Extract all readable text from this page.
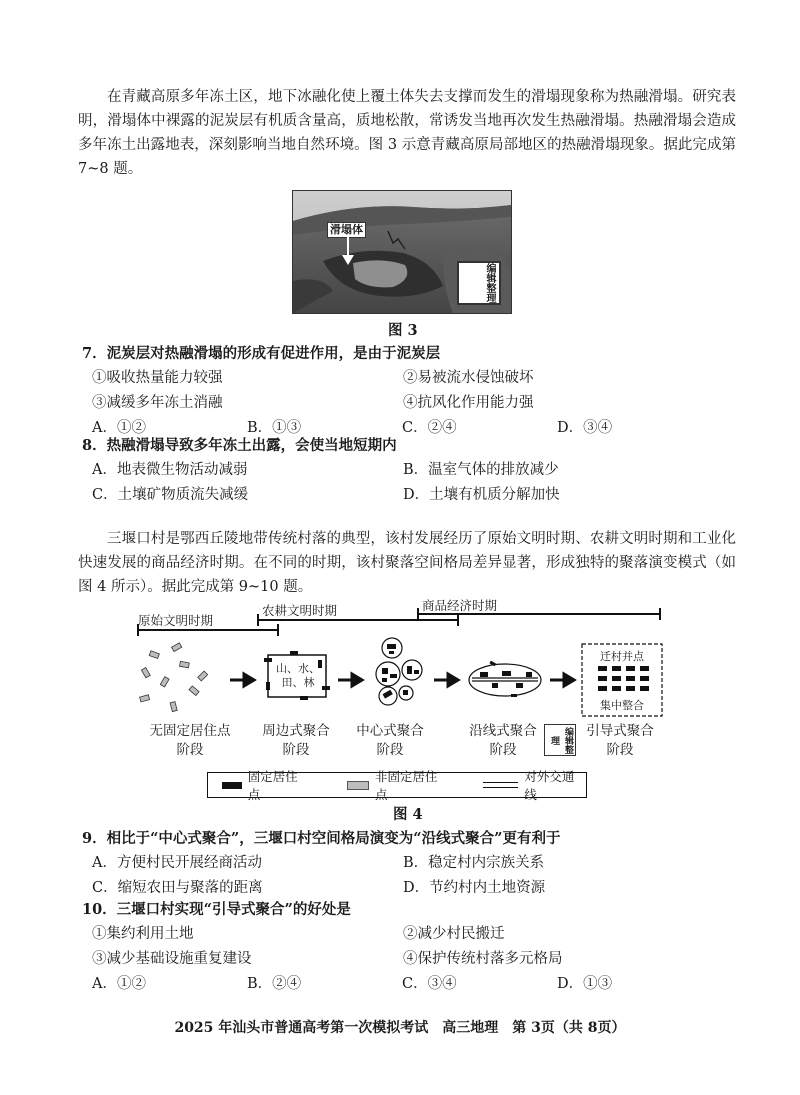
在青藏高原多年冻土区，地下冰融化使上覆土体失去支撑而发生的滑塌现象称为热融滑塌。研究表明，滑塌体中裸露的泥炭层有机质含量高，质地松散，常诱发当地再次发生热融滑塌。热融滑塌会造成多年冻土出露地表，深刻影响当地自然环境。图 3 示意青藏高原局部地区的热融滑塌现象。据此完成第 7~8 题。
滑塌体
编辑整理
图 3
7．泥炭层对热融滑塌的形成有促进作用，是由于泥炭层
①吸收热量能力较强	②易被流水侵蚀破坏
③减缓多年冻土消融	④抗风化作用能力强
A．①②	B．①③	C．②④	D．③④
8．热融滑塌导致多年冻土出露，会使当地短期内
A．地表微生物活动减弱	B．温室气体的排放减少
C．土壤矿物质流失减缓	D．土壤有机质分解加快
三堰口村是鄂西丘陵地带传统村落的典型，该村发展经历了原始文明时期、农耕文明时期和工业化快速发展的商品经济时期。在不同的时期，该村聚落空间格局差异显著，形成独特的聚落演变模式（如图 4 所示）。据此完成第 9~10 题。
原始文明时期
农耕文明时期	商品经济时期
山、水、
田、林
迁村并点
集中整合
编辑整理
无固定居住点
阶段
周边式聚合
阶段
中心式聚合
阶段
沿线式聚合
阶段
引导式聚合
阶段
固定居住点
非固定居住点
对外交通线
图 4
9．相比于“中心式聚合”，三堰口村空间格局演变为“沿线式聚合”更有利于
A．方便村民开展经商活动	B．稳定村内宗族关系
C．缩短农田与聚落的距离	D．节约村内土地资源
10．三堰口村实现“引导式聚合”的好处是
①集约利用土地	②减少村民搬迁
③减少基础设施重复建设	④保护传统村落多元格局
A．①②	B．②④	C．③④	D．①③
2025 年汕头市普通高考第一次模拟考试　高三地理　第 3页（共 8页）
